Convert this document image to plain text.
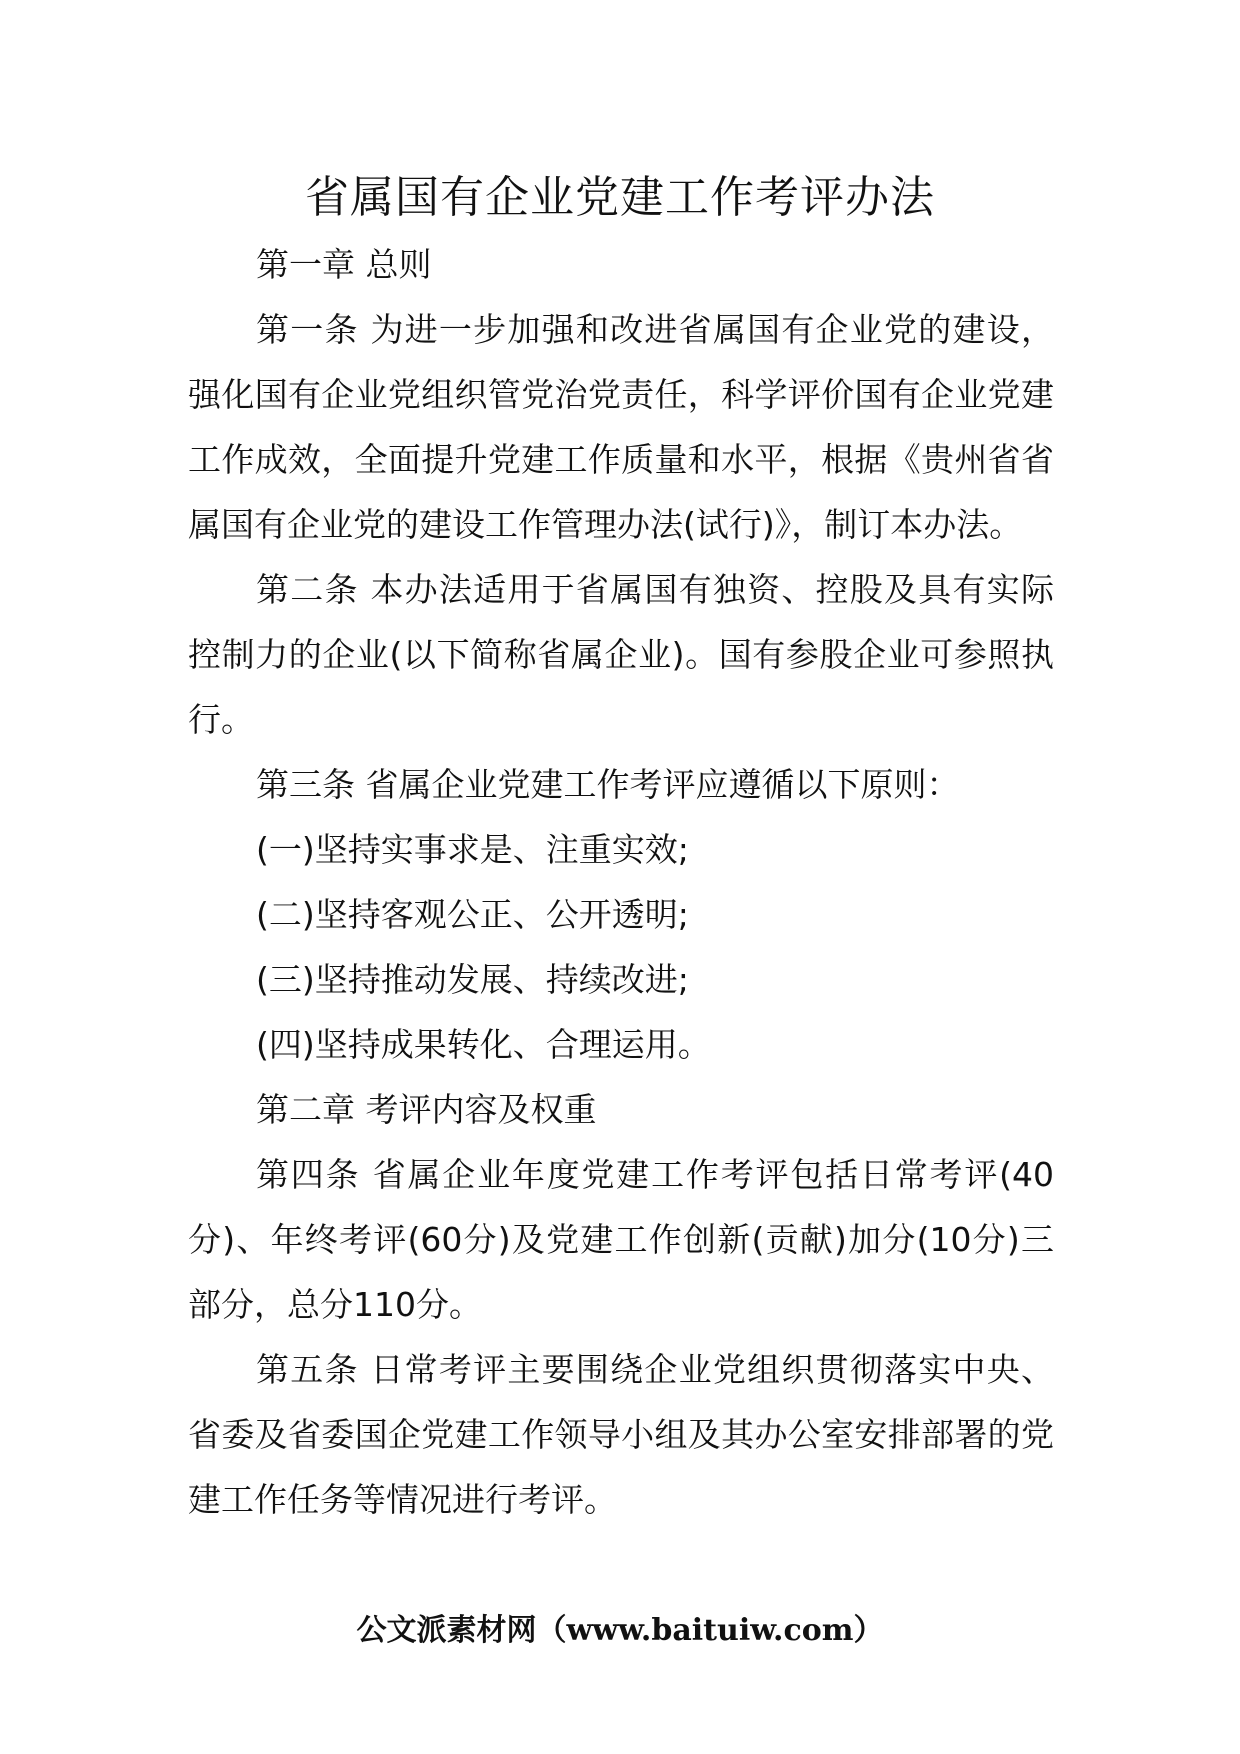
省属国有企业党建工作考评办法

第一章 总则

第一条 为进一步加强和改进省属国有企业党的建设，强化国有企业党组织管党治党责任，科学评价国有企业党建工作成效，全面提升党建工作质量和水平，根据《贵州省省属国有企业党的建设工作管理办法(试行)》，制订本办法。

第二条 本办法适用于省属国有独资、控股及具有实际控制力的企业(以下简称省属企业)。国有参股企业可参照执行。

第三条 省属企业党建工作考评应遵循以下原则：

(一)坚持实事求是、注重实效;

(二)坚持客观公正、公开透明;

(三)坚持推动发展、持续改进;

(四)坚持成果转化、合理运用。

第二章 考评内容及权重

第四条 省属企业年度党建工作考评包括日常考评(40分)、年终考评(60分)及党建工作创新(贡献)加分(10分)三部分，总分110分。

第五条 日常考评主要围绕企业党组织贯彻落实中央、省委及省委国企党建工作领导小组及其办公室安排部署的党建工作任务等情况进行考评。

公文派素材网（www.baituiw.com）
